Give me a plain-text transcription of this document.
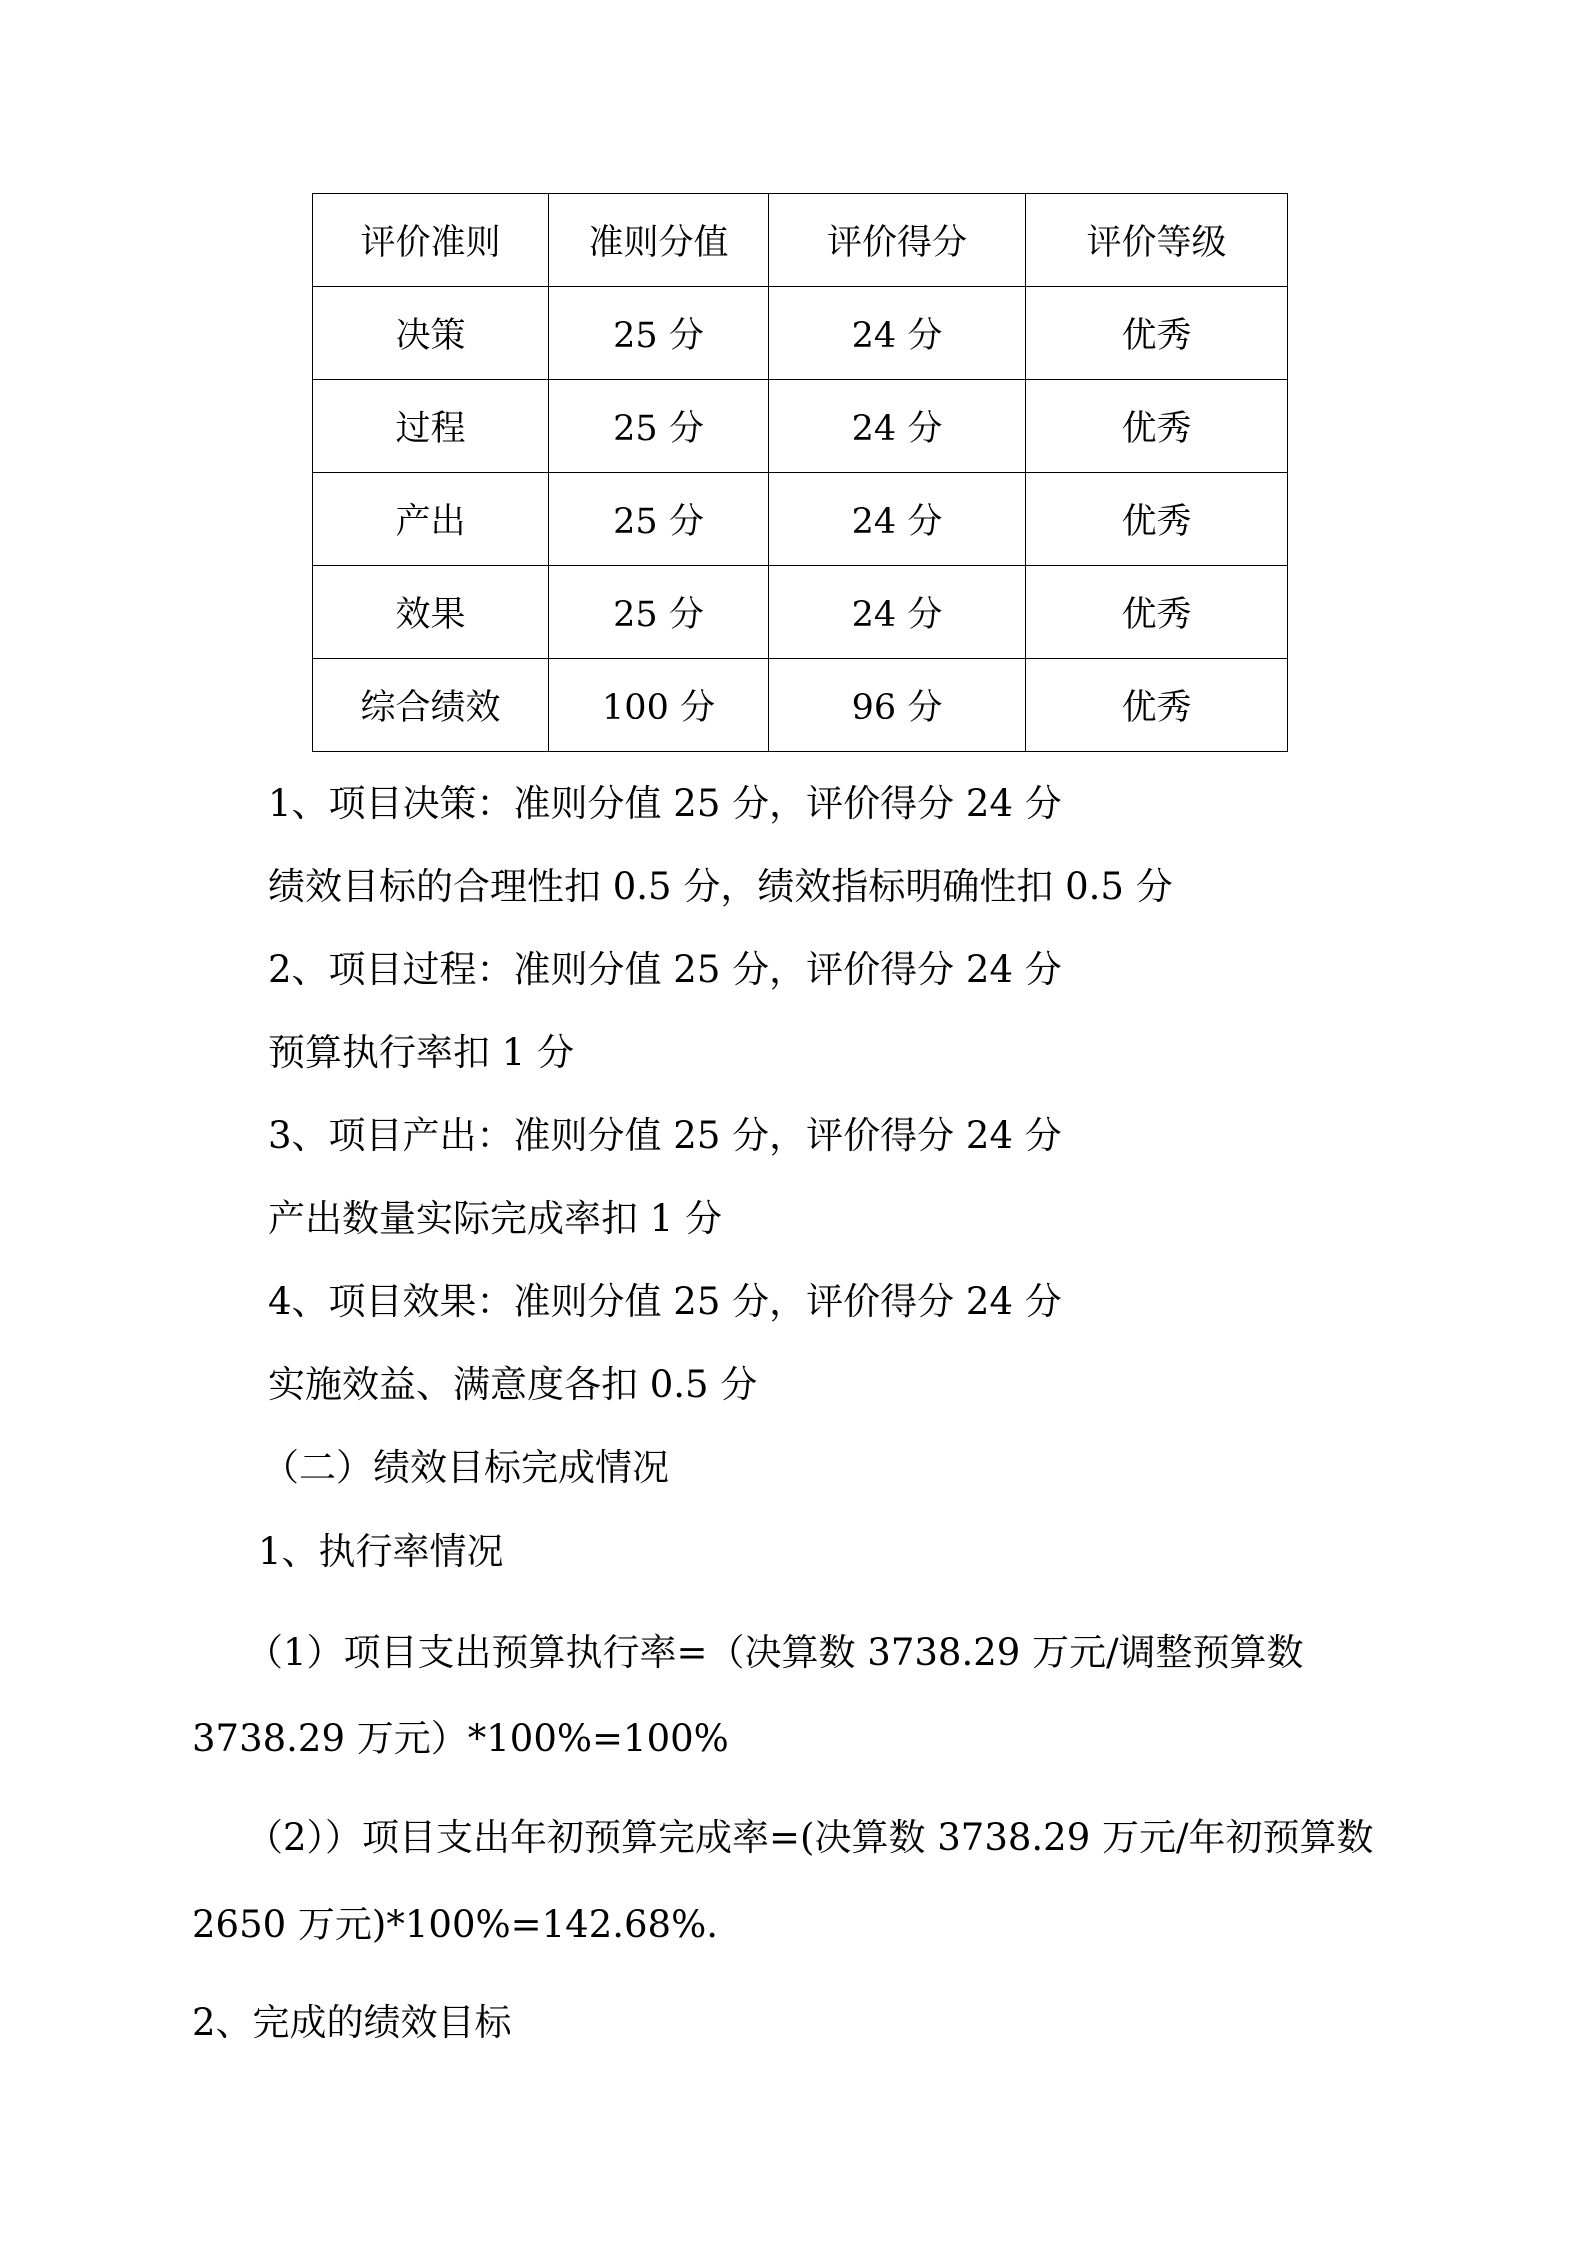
评价准则	准则分值	评价得分	评价等级
决策	25 分	24 分	优秀
过程	25 分	24 分	优秀
产出	25 分	24 分	优秀
效果	25 分	24 分	优秀
综合绩效	100 分	96 分	优秀
1、项目决策：准则分值 25 分，评价得分 24 分
绩效目标的合理性扣 0.5 分，绩效指标明确性扣 0.5 分
2、项目过程：准则分值 25 分，评价得分 24 分
预算执行率扣 1 分
3、项目产出：准则分值 25 分，评价得分 24 分
产出数量实际完成率扣 1 分
4、项目效果：准则分值 25 分，评价得分 24 分
实施效益、满意度各扣 0.5 分
（二）绩效目标完成情况
1、执行率情况
（1）项目支出预算执行率=（决算数 3738.29 万元/调整预算数
3738.29 万元）*100%=100%
（2））项目支出年初预算完成率=(决算数 3738.29 万元/年初预算数
2650 万元)*100%=142.68%.
2、完成的绩效目标
